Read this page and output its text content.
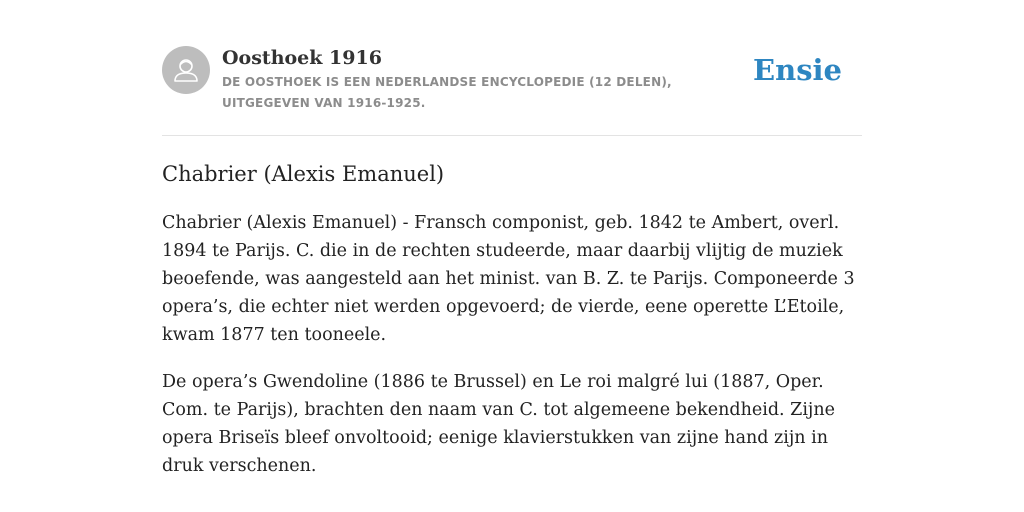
Oosthoek 1916

DE OOSTHOEK IS EEN NEDERLANDSE ENCYCLOPEDIE (12 DELEN), UITGEGEVEN VAN 1916-1925.

Ensie
Chabrier (Alexis Emanuel)

Chabrier (Alexis Emanuel) - Fransch componist, geb. 1842 te Ambert, overl. 1894 te Parijs. C. die in de rechten studeerde, maar daarbij vlijtig de muziek beoefende, was aangesteld aan het minist. van B. Z. te Parijs. Componeerde 3 opera’s, die echter niet werden opgevoerd; de vierde, eene operette L’Etoile, kwam 1877 ten tooneele.

De opera’s Gwendoline (1886 te Brussel) en Le roi malgré lui (1887, Oper. Com. te Parijs), brachten den naam van C. tot algemeene bekendheid. Zijne opera Briseïs bleef onvoltooid; eenige klavierstukken van zijne hand zijn in druk verschenen.
